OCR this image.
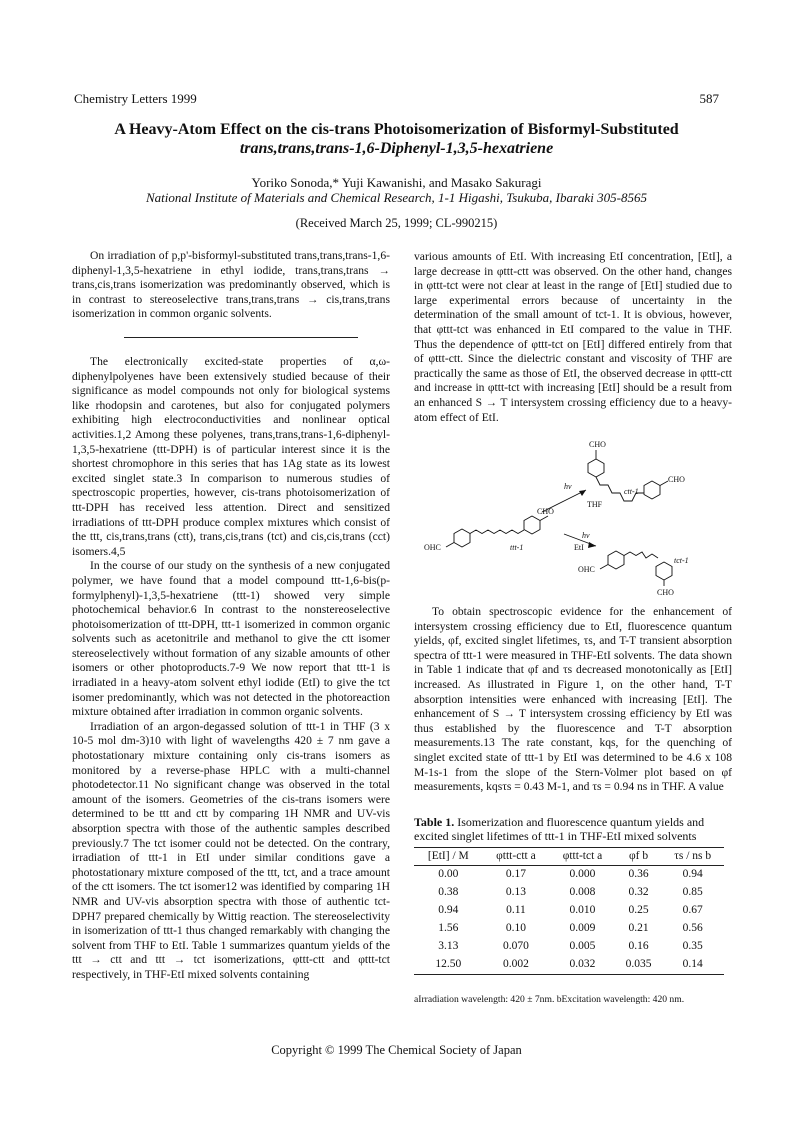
Chemistry Letters 1999	587
A Heavy-Atom Effect on the cis-trans Photoisomerization of Bisformyl-Substituted
trans,trans,trans-1,6-Diphenyl-1,3,5-hexatriene
Yoriko Sonoda,* Yuji Kawanishi, and Masako Sakuragi
National Institute of Materials and Chemical Research, 1-1 Higashi, Tsukuba, Ibaraki 305-8565
(Received March 25, 1999; CL-990215)

On irradiation of p,p'-bisformyl-substituted trans,trans,trans-1,6-diphenyl-1,3,5-hexatriene in ethyl iodide, trans,trans,trans → trans,cis,trans isomerization was predominantly observed, which is in contrast to stereoselective trans,trans,trans → cis,trans,trans isomerization in common organic solvents.

The electronically excited-state properties of α,ω-diphenylpolyenes have been extensively studied because of their significance as model compounds not only for biological systems like rhodopsin and carotenes, but also for conjugated polymers exhibiting high electroconductivities and nonlinear optical activities.1,2 Among these polyenes, trans,trans,trans-1,6-diphenyl-1,3,5-hexatriene (ttt-DPH) is of particular interest since it is the shortest chromophore in this series that has 1Ag state as its lowest excited singlet state.3 In comparison to numerous studies of spectroscopic properties, however, cis-trans photoisomerization of ttt-DPH has received less attention. Direct and sensitized irradiations of ttt-DPH produce complex mixtures which consist of the ttt, cis,trans,trans (ctt), trans,cis,trans (tct) and cis,cis,trans (cct) isomers.4,5

In the course of our study on the synthesis of a new conjugated polymer, we have found that a model compound ttt-1,6-bis(p-formylphenyl)-1,3,5-hexatriene (ttt-1) showed very simple photochemical behavior.6 In contrast to the nonstereoselective photoisomerization of ttt-DPH, ttt-1 isomerized in common organic solvents such as acetonitrile and methanol to give the ctt isomer stereoselectively without formation of any sizable amounts of other isomers or other photoproducts.7-9 We now report that ttt-1 is irradiated in a heavy-atom solvent ethyl iodide (EtI) to give the tct isomer predominantly, which was not detected in the photoreaction mixture obtained after irradiation in common organic solvents.

Irradiation of an argon-degassed solution of ttt-1 in THF (3 x 10-5 mol dm-3)10 with light of wavelengths 420 ± 7 nm gave a photostationary mixture containing only cis-trans isomers as monitored by a reverse-phase HPLC with a multi-channel photodetector.11 No significant change was observed in the total amount of the isomers. Geometries of the cis-trans isomers were determined to be ttt and ctt by comparing 1H NMR and UV-vis absorption spectra with those of the authentic samples described previously.7 The tct isomer could not be detected. On the contrary, irradiation of ttt-1 in EtI under similar conditions gave a photostationary mixture composed of the ttt, tct, and a trace amount of the ctt isomers. The tct isomer12 was identified by comparing 1H NMR and UV-vis absorption spectra with those of authentic tct-DPH7 prepared chemically by Wittig reaction. The stereoselectivity in isomerization of ttt-1 thus changed remarkably with changing the solvent from THF to EtI. Table 1 summarizes quantum yields of the ttt → ctt and ttt → tct isomerizations, φttt-ctt and φttt-tct respectively, in THF-EtI mixed solvents containing

various amounts of EtI. With increasing EtI concentration, [EtI], a large decrease in φttt-ctt was observed. On the other hand, changes in φttt-tct were not clear at least in the range of [EtI] studied due to large experimental errors because of uncertainty in the determination of the small amount of tct-1. It is obvious, however, that φttt-tct was enhanced in EtI compared to the value in THF. Thus the dependence of φttt-tct on [EtI] differed entirely from that of φttt-ctt. Since the dielectric constant and viscosity of THF are practically the same as those of EtI, the observed decrease in φttt-ctt and increase in φttt-tct with increasing [EtI] should be a result from an enhanced S → T intersystem crossing efficiency due to a heavy-atom effect of EtI.

CHO
CHO
ctt-1
hν
THF
CHO
OHC	ttt-1
hν
EtI
OHC
tct-1
CHO

To obtain spectroscopic evidence for the enhancement of intersystem crossing efficiency due to EtI, fluorescence quantum yields, φf, excited singlet lifetimes, τs, and T-T transient absorption spectra of ttt-1 were measured in THF-EtI solvents. The data shown in Table 1 indicate that φf and τs decreased monotonically as [EtI] increased. As illustrated in Figure 1, on the other hand, T-T absorption intensities were enhanced with increasing [EtI]. The enhancement of S → T intersystem crossing efficiency by EtI was thus established by the fluorescence and T-T absorption measurements.13 The rate constant, kqs, for the quenching of singlet excited state of ttt-1 by EtI was determined to be 4.6 x 108 M-1s-1 from the slope of the Stern-Volmer plot based on φf measurements, kqsτs = 0.43 M-1, and τs = 0.94 ns in THF. A value

Table 1. Isomerization and fluorescence quantum yields and excited singlet lifetimes of ttt-1 in THF-EtI mixed solvents
[EtI] / M	φttt-ctt a	φttt-tct a	φf b	τs / ns b
0.00	0.17	0.000	0.36	0.94
0.38	0.13	0.008	0.32	0.85
0.94	0.11	0.010	0.25	0.67
1.56	0.10	0.009	0.21	0.56
3.13	0.070	0.005	0.16	0.35
12.50	0.002	0.032	0.035	0.14
aIrradiation wavelength: 420 ± 7nm. bExcitation wavelength: 420 nm.
Copyright © 1999 The Chemical Society of Japan
